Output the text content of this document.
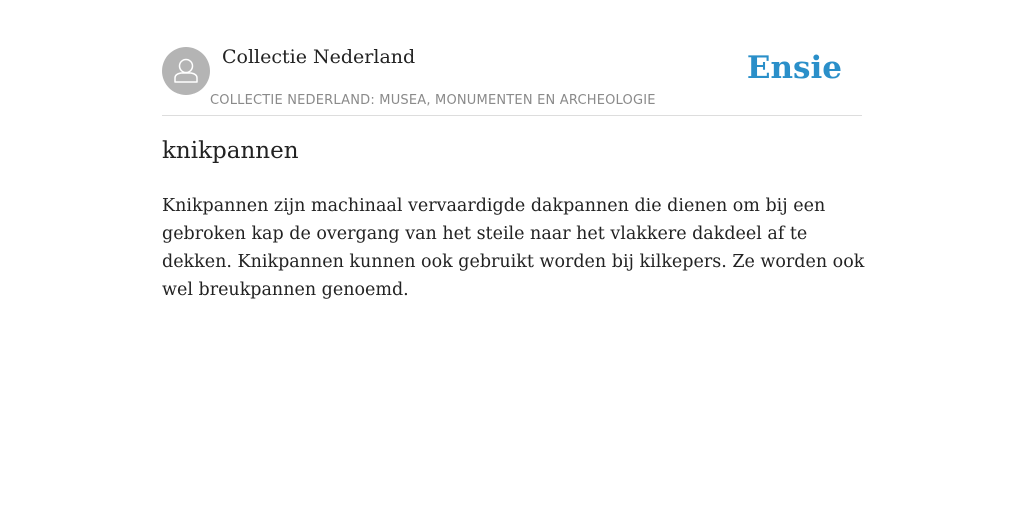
Collectie Nederland
COLLECTIE NEDERLAND: MUSEA, MONUMENTEN EN ARCHEOLOGIE
Ensie
knikpannen

Knikpannen zijn machinaal vervaardigde dakpannen die dienen om bij een gebroken kap de overgang van het steile naar het vlakkere dakdeel af te dekken. Knikpannen kunnen ook gebruikt worden bij kilkepers. Ze worden ook wel breukpannen genoemd.
